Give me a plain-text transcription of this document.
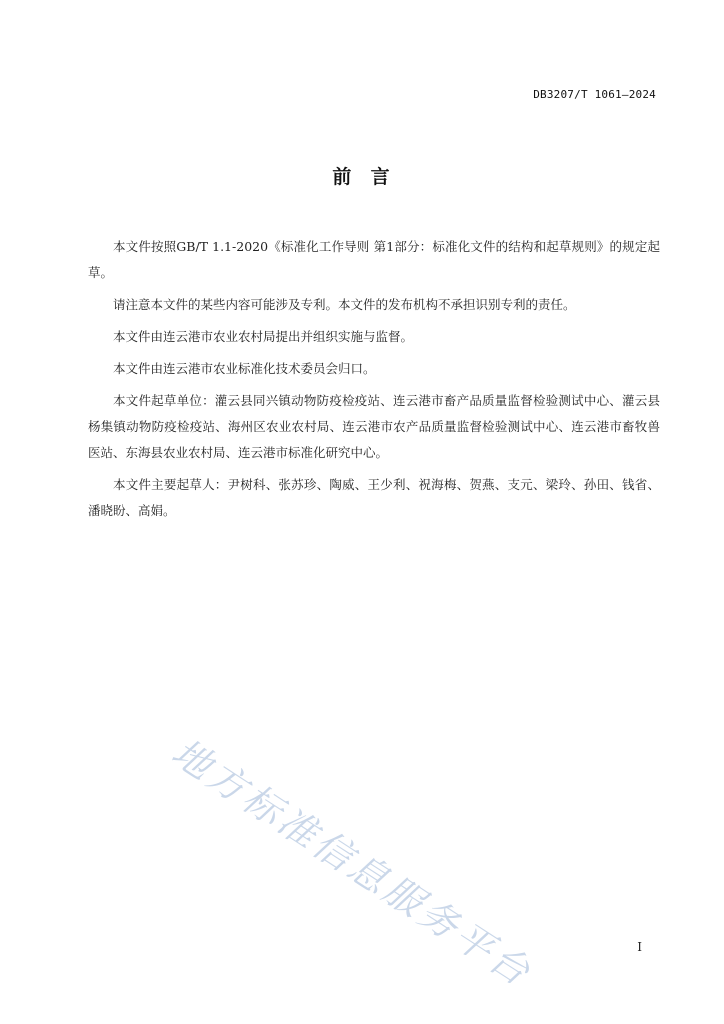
DB3207/T 1061—2024
前  言

本文件按照GB/T 1.1-2020《标准化工作导则 第1部分：标准化文件的结构和起草规则》的规定起草。

请注意本文件的某些内容可能涉及专利。本文件的发布机构不承担识别专利的责任。

本文件由连云港市农业农村局提出并组织实施与监督。

本文件由连云港市农业标准化技术委员会归口。

本文件起草单位：灌云县同兴镇动物防疫检疫站、连云港市畜产品质量监督检验测试中心、灌云县杨集镇动物防疫检疫站、海州区农业农村局、连云港市农产品质量监督检验测试中心、连云港市畜牧兽医站、东海县农业农村局、连云港市标准化研究中心。

本文件主要起草人：尹树科、张苏珍、陶威、王少利、祝海梅、贺燕、支元、梁玲、孙田、钱省、潘晓盼、高娟。

地方标准信息服务平台	I
